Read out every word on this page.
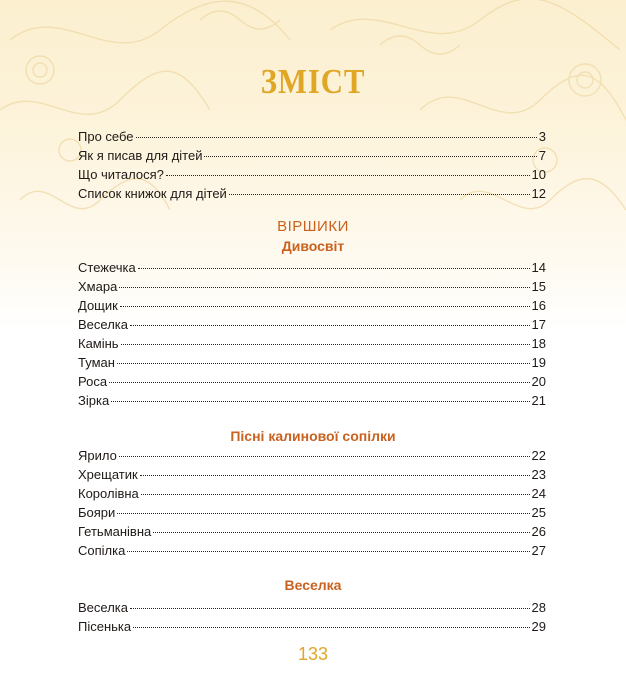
ЗМІСТ
Про себе	3
Як я писав для дітей	7
Що читалося?	10
Список книжок для дітей	12
ВІРШИКИ
Дивосвіт
Стежечка	14
Хмара	15
Дощик	16
Веселка	17
Камінь	18
Туман	19
Роса	20
Зірка	21
Пісні калинової сопілки
Ярило	22
Хрещатик	23
Королівна	24
Бояри	25
Гетьманівна	26
Сопілка	27
Веселка
Веселка	28
Пісенька	29
133
